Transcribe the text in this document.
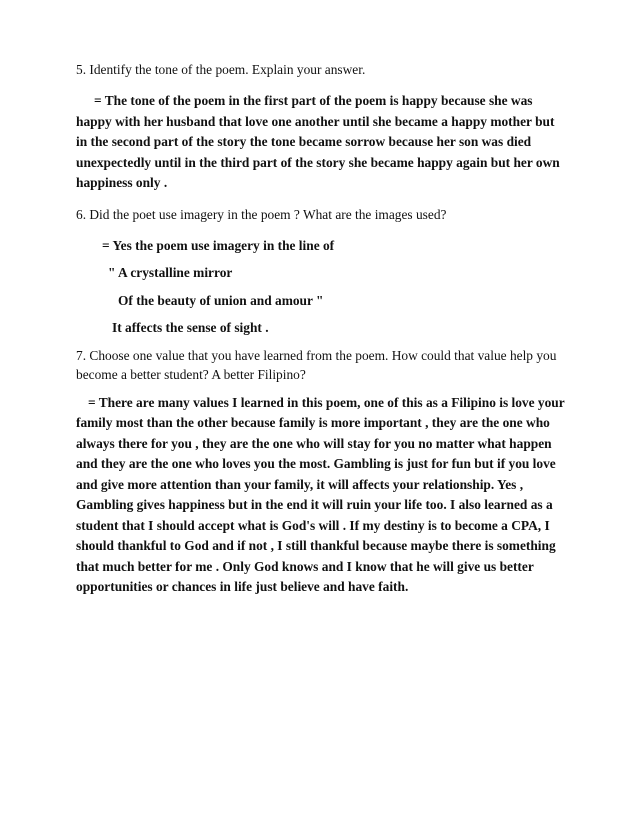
5. Identify the tone of the poem. Explain your answer.

= The tone of the poem in the first part of the poem is happy because she was happy with her husband that love one another until she became a happy mother but in the second part of the story the tone became sorrow because her son was died unexpectedly until in the third part of the story she became happy again but her own happiness only .

6. Did the poet use imagery in the poem ? What are the images used?

= Yes the poem use imagery in the line of
" A crystalline mirror
Of the beauty of union and amour "
It affects the sense of sight .

7. Choose one value that you have learned from the poem. How could that value help you become a better student? A better Filipino?

= There are many values I learned in this poem, one of this as a Filipino is love your family most than the other because family is more important , they are the one who always there for you , they are the one who will stay for you no matter what happen and they are the one who loves you the most. Gambling is just for fun but if you love and give more attention than your family, it will affects your relationship. Yes , Gambling gives happiness but in the end it will ruin your life too. I also learned as a student that I should accept what is God's will . If my destiny is to become a CPA, I should thankful to God and if not , I still thankful because maybe there is something that much better for me . Only God knows and I know that he will give us better opportunities or chances in life just believe and have faith.
